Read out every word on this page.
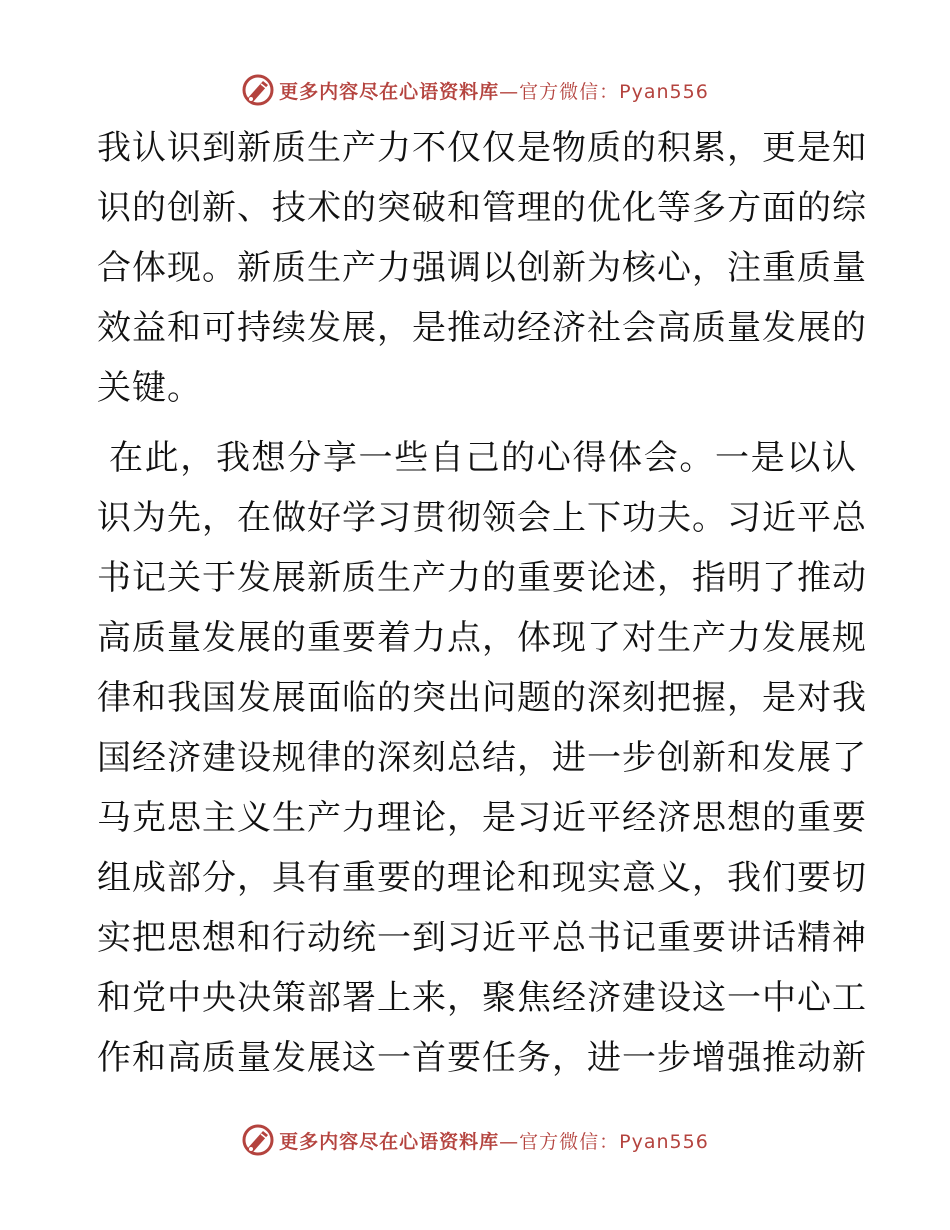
更多内容尽在心语资料库 —官方微信：Pyan556

我认识到新质生产力不仅仅是物质的积累，更是知
识的创新、技术的突破和管理的优化等多方面的综
合体现。新质生产力强调以创新为核心，注重质量
效益和可持续发展，是推动经济社会高质量发展的
关键。

在此，我想分享一些自己的心得体会。一是以认
识为先，在做好学习贯彻领会上下功夫。习近平总
书记关于发展新质生产力的重要论述，指明了推动
高质量发展的重要着力点，体现了对生产力发展规
律和我国发展面临的突出问题的深刻把握，是对我
国经济建设规律的深刻总结，进一步创新和发展了
马克思主义生产力理论，是习近平经济思想的重要
组成部分，具有重要的理论和现实意义，我们要切
实把思想和行动统一到习近平总书记重要讲话精神
和党中央决策部署上来，聚焦经济建设这一中心工
作和高质量发展这一首要任务，进一步增强推动新

更多内容尽在心语资料库 —官方微信：Pyan556
